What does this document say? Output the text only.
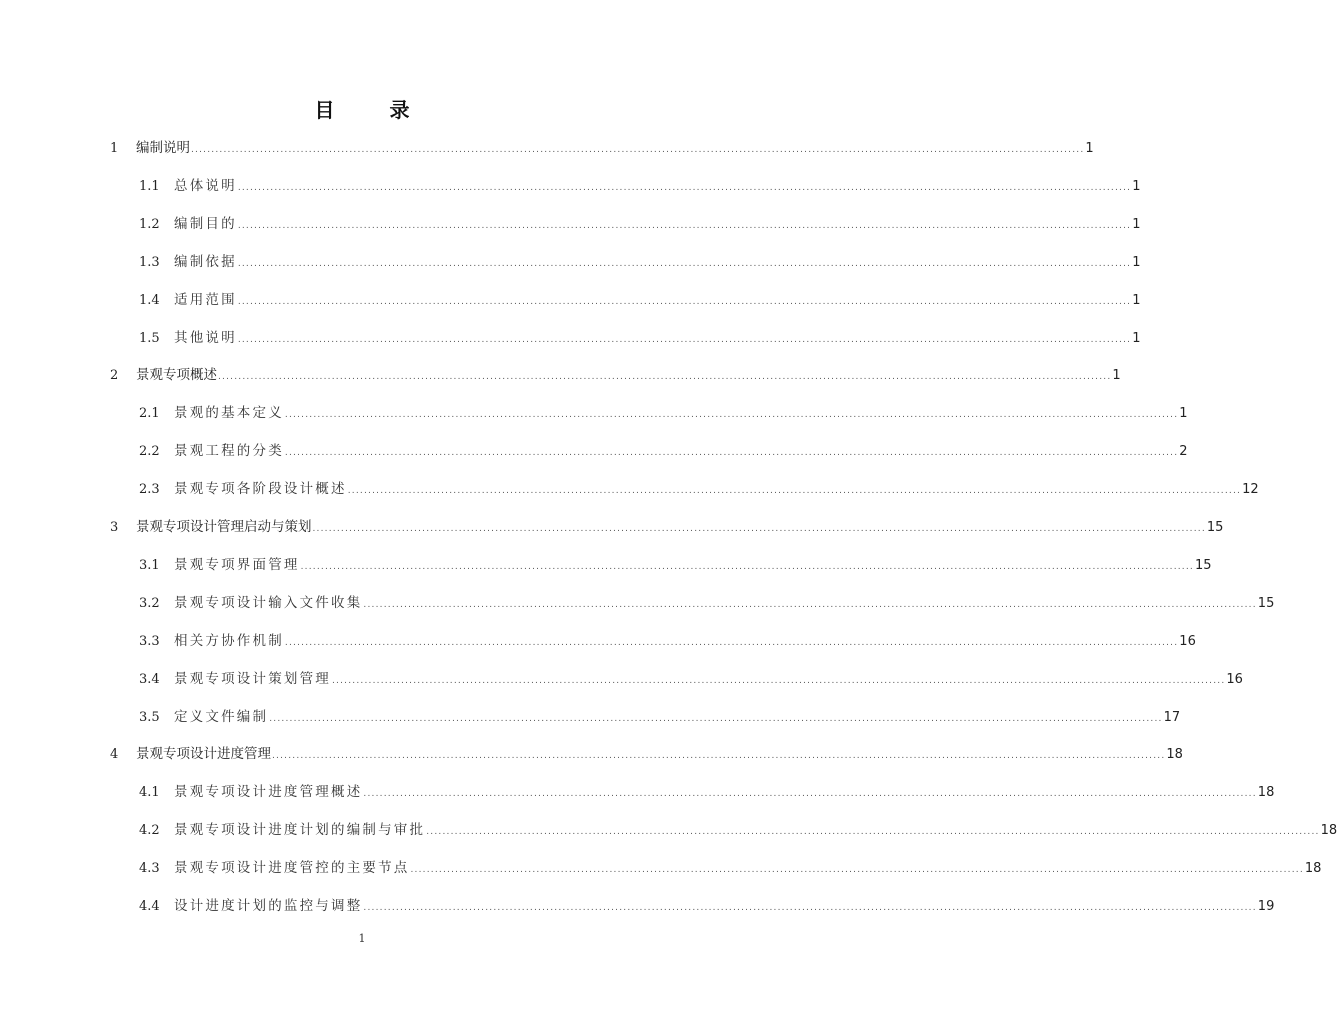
目 录
1 编制说明 ............................................................................................................................................................................................................................ 1
1.1 总体说明 ............................................................................................................................................................................................................................ 1
1.2 编制目的 ............................................................................................................................................................................................................................ 1
1.3 编制依据 ............................................................................................................................................................................................................................ 1
1.4 适用范围 ............................................................................................................................................................................................................................ 1
1.5 其他说明 ............................................................................................................................................................................................................................ 1
2 景观专项概述 ............................................................................................................................................................................................................................ 1
2.1 景观的基本定义 ............................................................................................................................................................................................................................ 1
2.2 景观工程的分类 ............................................................................................................................................................................................................................ 2
2.3 景观专项各阶段设计概述 ............................................................................................................................................................................................................................ 12
3 景观专项设计管理启动与策划 ............................................................................................................................................................................................................................ 15
3.1 景观专项界面管理 ............................................................................................................................................................................................................................ 15
3.2 景观专项设计输入文件收集 ............................................................................................................................................................................................................................ 15
3.3 相关方协作机制 ............................................................................................................................................................................................................................ 16
3.4 景观专项设计策划管理 ............................................................................................................................................................................................................................ 16
3.5 定义文件编制 ............................................................................................................................................................................................................................ 17
4 景观专项设计进度管理 ............................................................................................................................................................................................................................ 18
4.1 景观专项设计进度管理概述 ............................................................................................................................................................................................................................ 18
4.2 景观专项设计进度计划的编制与审批 ............................................................................................................................................................................................................................ 18
4.3 景观专项设计进度管控的主要节点 ............................................................................................................................................................................................................................ 18
4.4 设计进度计划的监控与调整 ............................................................................................................................................................................................................................ 19
1
